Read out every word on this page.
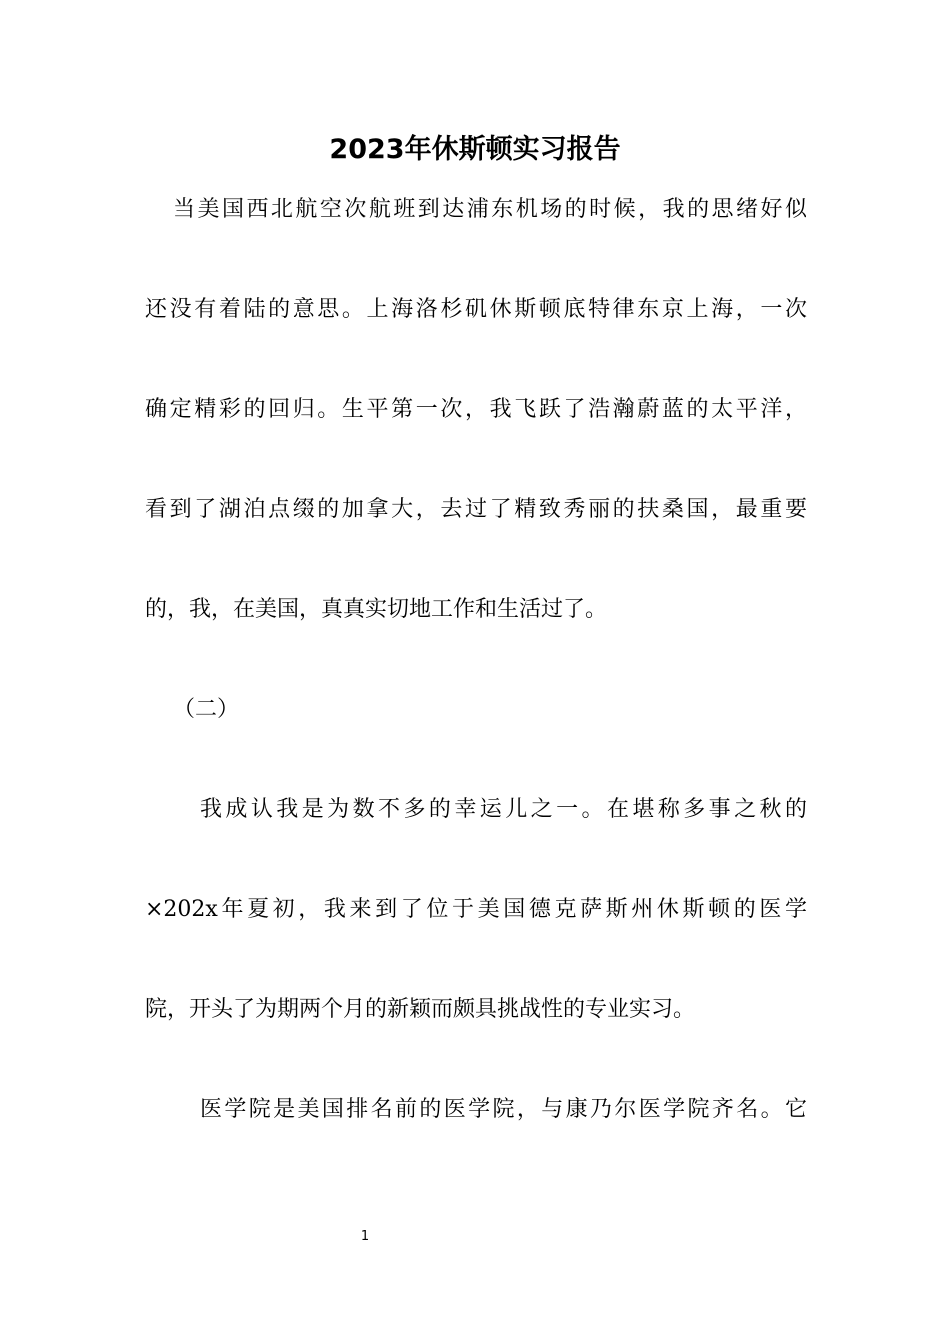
2023年休斯顿实习报告

当美国西北航空次航班到达浦东机场的时候，我的思绪好似

还没有着陆的意思。上海洛杉矶休斯顿底特律东京上海，一次

确定精彩的回归。生平第一次，我飞跃了浩瀚蔚蓝的太平洋，

看到了湖泊点缀的加拿大，去过了精致秀丽的扶桑国，最重要

的，我，在美国，真真实切地工作和生活过了。

（二）

我成认我是为数不多的幸运儿之一。在堪称多事之秋的

×202x年夏初，我来到了位于美国德克萨斯州休斯顿的医学

院，开头了为期两个月的新颖而颇具挑战性的专业实习。

医学院是美国排名前的医学院，与康乃尔医学院齐名。它

1
